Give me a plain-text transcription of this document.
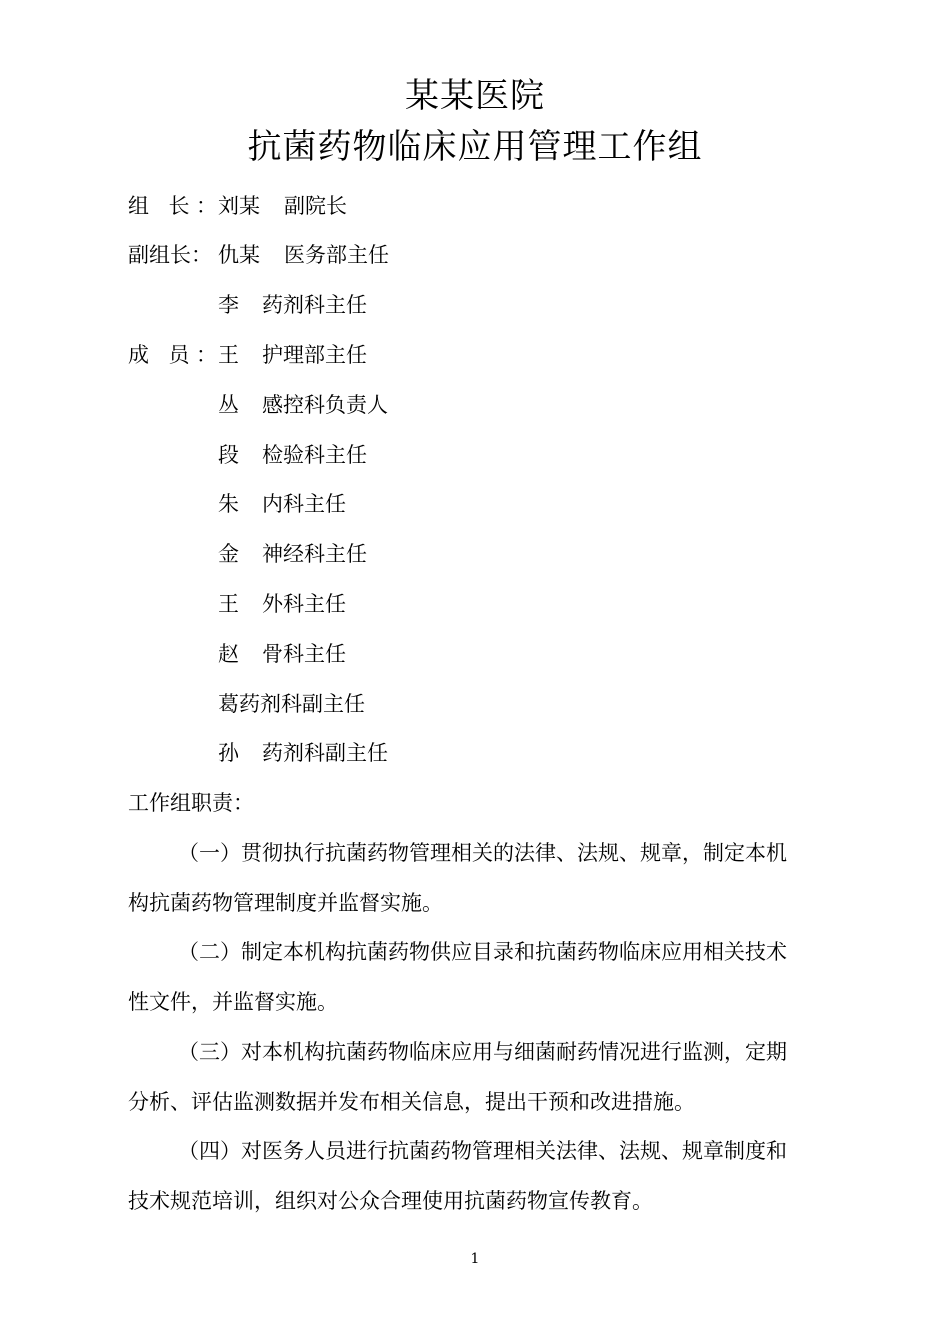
某某医院
抗菌药物临床应用管理工作组
组 长： 刘某 副院长
副组长： 仇某 医务部主任
李 药剂科主任
成 员： 王 护理部主任
丛 感控科负责人
段 检验科主任
朱 内科主任
金 神经科主任
王 外科主任
赵 骨科主任
葛药剂科副主任
孙 药剂科副主任
工作组职责：
（一）贯彻执行抗菌药物管理相关的法律、法规、规章，制定本机
构抗菌药物管理制度并监督实施。
（二）制定本机构抗菌药物供应目录和抗菌药物临床应用相关技术
性文件，并监督实施。
（三）对本机构抗菌药物临床应用与细菌耐药情况进行监测，定期
分析、评估监测数据并发布相关信息，提出干预和改进措施。
（四）对医务人员进行抗菌药物管理相关法律、法规、规章制度和
技术规范培训，组织对公众合理使用抗菌药物宣传教育。
1
